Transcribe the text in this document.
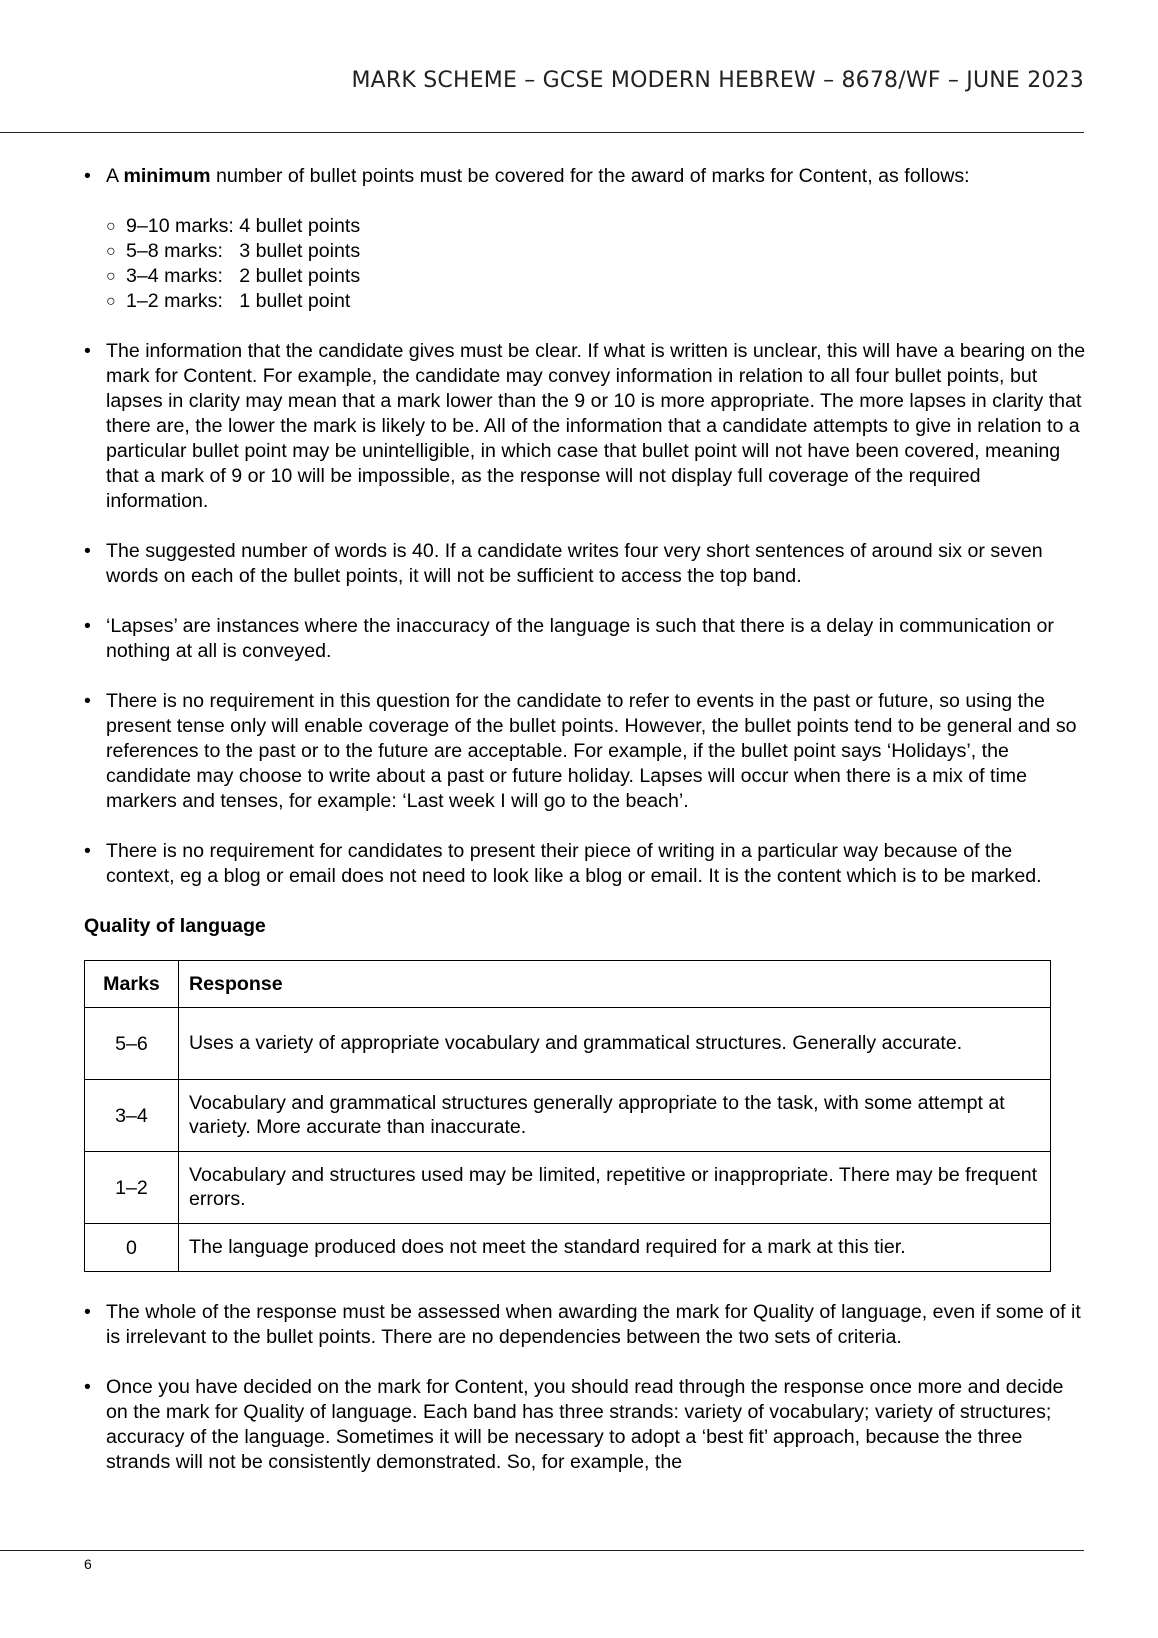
MARK SCHEME – GCSE MODERN HEBREW – 8678/WF – JUNE 2023
• A minimum number of bullet points must be covered for the award of marks for Content, as follows:
○ 9–10 marks: 4 bullet points
○ 5–8 marks:   3 bullet points
○ 3–4 marks:   2 bullet points
○ 1–2 marks:   1 bullet point
• The information that the candidate gives must be clear. If what is written is unclear, this will have a bearing on the mark for Content. For example, the candidate may convey information in relation to all four bullet points, but lapses in clarity may mean that a mark lower than the 9 or 10 is more appropriate. The more lapses in clarity that there are, the lower the mark is likely to be. All of the information that a candidate attempts to give in relation to a particular bullet point may be unintelligible, in which case that bullet point will not have been covered, meaning that a mark of 9 or 10 will be impossible, as the response will not display full coverage of the required information.
• The suggested number of words is 40. If a candidate writes four very short sentences of around six or seven words on each of the bullet points, it will not be sufficient to access the top band.
• ‘Lapses’ are instances where the inaccuracy of the language is such that there is a delay in communication or nothing at all is conveyed.
• There is no requirement in this question for the candidate to refer to events in the past or future, so using the present tense only will enable coverage of the bullet points. However, the bullet points tend to be general and so references to the past or to the future are acceptable. For example, if the bullet point says ‘Holidays’, the candidate may choose to write about a past or future holiday. Lapses will occur when there is a mix of time markers and tenses, for example: ‘Last week I will go to the beach’.
• There is no requirement for candidates to present their piece of writing in a particular way because of the context, eg a blog or email does not need to look like a blog or email. It is the content which is to be marked.
Quality of language
Marks	Response
5–6	Uses a variety of appropriate vocabulary and grammatical structures. Generally accurate.
3–4	Vocabulary and grammatical structures generally appropriate to the task, with some attempt at variety. More accurate than inaccurate.
1–2	Vocabulary and structures used may be limited, repetitive or inappropriate. There may be frequent errors.
0	The language produced does not meet the standard required for a mark at this tier.
• The whole of the response must be assessed when awarding the mark for Quality of language, even if some of it is irrelevant to the bullet points. There are no dependencies between the two sets of criteria.
• Once you have decided on the mark for Content, you should read through the response once more and decide on the mark for Quality of language. Each band has three strands: variety of vocabulary; variety of structures; accuracy of the language. Sometimes it will be necessary to adopt a ‘best fit’ approach, because the three strands will not be consistently demonstrated. So, for example, the
6
